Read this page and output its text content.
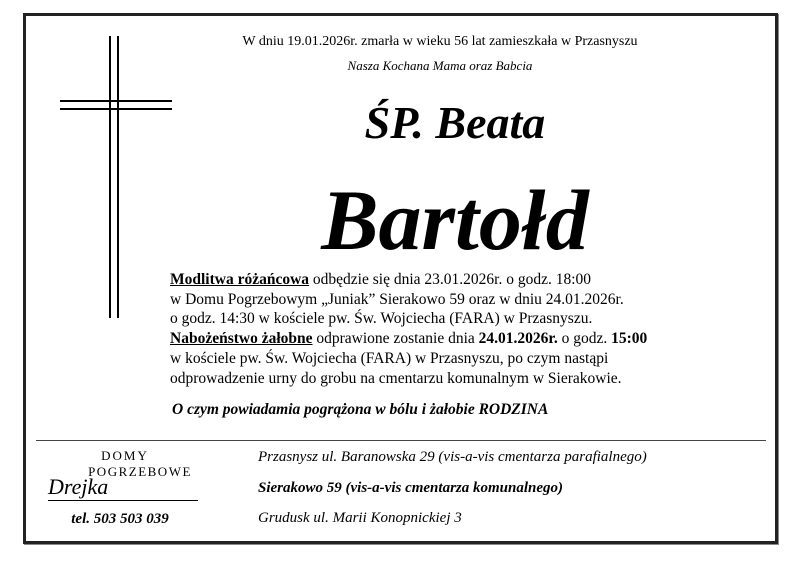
W dniu 19.01.2026r. zmarła w wieku 56 lat zamieszkała w Przasnyszu
Nasza Kochana Mama oraz Babcia
ŚP. Beata
Bartołd
Modlitwa różańcowa odbędzie się dnia 23.01.2026r. o godz. 18:00
w Domu Pogrzebowym „Juniak” Sierakowo 59 oraz w dniu 24.01.2026r.
o godz. 14:30 w kościele pw. Św. Wojciecha (FARA) w Przasnyszu.
Nabożeństwo żałobne odprawione zostanie dnia 24.01.2026r. o godz. 15:00
w kościele pw. Św. Wojciecha (FARA) w Przasnyszu, po czym nastąpi
odprowadzenie urny do grobu na cmentarzu komunalnym w Sierakowie.
O czym powiadamia pogrążona w bólu i żałobie RODZINA
DOMY
POGRZEBOWE
Drejka
tel. 503 503 039
Przasnysz ul. Baranowska 29 (vis-a-vis cmentarza parafialnego)
Sierakowo 59 (vis-a-vis cmentarza komunalnego)
Grudusk ul. Marii Konopnickiej 3
